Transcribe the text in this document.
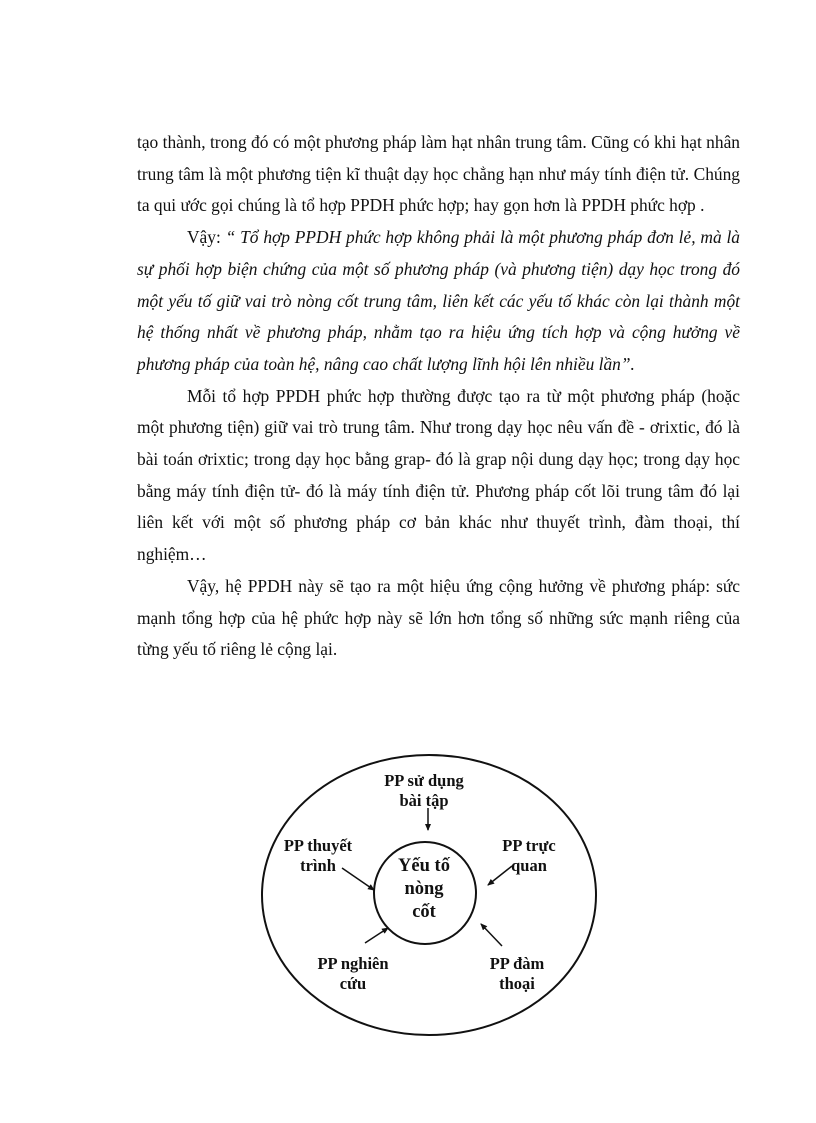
tạo thành, trong đó có một phương pháp làm hạt nhân trung tâm. Cũng có khi hạt nhân trung tâm là một phương tiện kĩ thuật dạy học chẳng hạn như máy tính điện tử. Chúng ta qui ước gọi chúng là tổ hợp PPDH phức hợp; hay gọn hơn là PPDH phức hợp .

Vậy: “ Tổ hợp PPDH phức hợp không phải là một phương pháp đơn lẻ, mà là sự phối hợp biện chứng của một số phương pháp (và phương tiện) dạy học trong đó một yếu tố giữ vai trò nòng cốt trung tâm, liên kết các yếu tố khác còn lại thành một hệ thống nhất về phương pháp, nhằm tạo ra hiệu ứng tích hợp và cộng hưởng về phương pháp của toàn hệ, nâng cao chất lượng lĩnh hội lên nhiều lần”.

Mỗi tổ hợp PPDH phức hợp thường được tạo ra từ một phương pháp (hoặc một phương tiện) giữ vai trò trung tâm. Như trong dạy học nêu vấn đề - ơrixtic, đó là bài toán ơrixtic; trong dạy học bằng grap- đó là grap nội dung dạy học; trong dạy học bằng máy tính điện tử- đó là máy tính điện tử. Phương pháp cốt lõi trung tâm đó lại liên kết với một số phương pháp cơ bản khác như thuyết trình, đàm thoại, thí nghiệm…

Vậy, hệ PPDH này sẽ tạo ra một hiệu ứng cộng hưởng về phương pháp: sức mạnh tổng hợp của hệ phức hợp này sẽ lớn hơn tổng số những sức mạnh riêng của từng yếu tố riêng lẻ cộng lại.

Yếu tố
nòng
cốt
PP sử dụng
bài tập
PP thuyết
trình
PP trực
quan
PP nghiên
cứu
PP đàm
thoại
